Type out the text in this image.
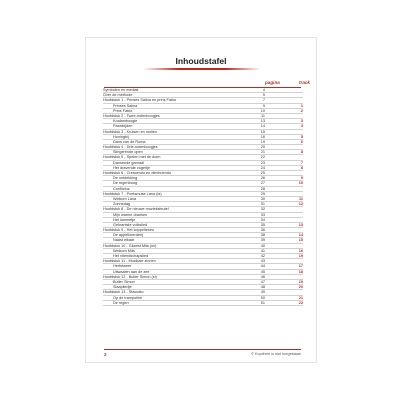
Inhoudstafel
pagina	track
Symbolen en medias	4
Over de methode	5
Hoofdstuk 1 - Prinses Salina en prins Fabio	7
Prinses Salina	9	1
Prins Fabio	10	2
Hoofdstuk 2 - Twee-notenboogjes	11
Koalamboogie	13	3
Paardrijden	14	4
Hoofdstuk 3 - Kruisen en mollen	15
Honingbij	16	5
Dans van de Roma	19	6
Hoofdstuk 4 - Drie-notenboogjes	20
Slingerende open	21	8
Hoofdstuk 5 - Spelen met de duim	22
Dansende garnaal	23	7
Het dravende vogeltje	24	8
Hoofdstuk 6 - Crescendo en diminuendo	25
De ontdekking	26	9
De regenboog	27	10
Conflictuz	28
Hoofdstuk 7 - Poetsmuse Lana (la)	29
Welkom Lana	30	11
Zonnedag	31	12
Hoofdstuk 8 - De nieuwe muzieksleutel	32
Mijn warme dranken	33
Het lammetje	34
Gekrantste volkslied	35	13
Hoofdstuk 9 - Het koppelteken	36
De appelboerderij	38	14
Naast elkaar	39	15
Hoofdstuk 10 - Gitarist Mila (mi)	40
Welkom Mila	41	16
Het vriendschapslied	42	19
Hoofdstuk 11 - Muzikale zinnen	43
Herfstweer	44	17
Uitwaaien aan de zee	45	18
Hoofdstuk 12 - Butler Simon (si)	46
Butler Simon	47	19
Slaapliedje	48	20
Hoofdstuk 13 - Staccato	49
Op de trampoline	50	21
De regen	51	22
2	© Kopiëren is niet toegestaan
